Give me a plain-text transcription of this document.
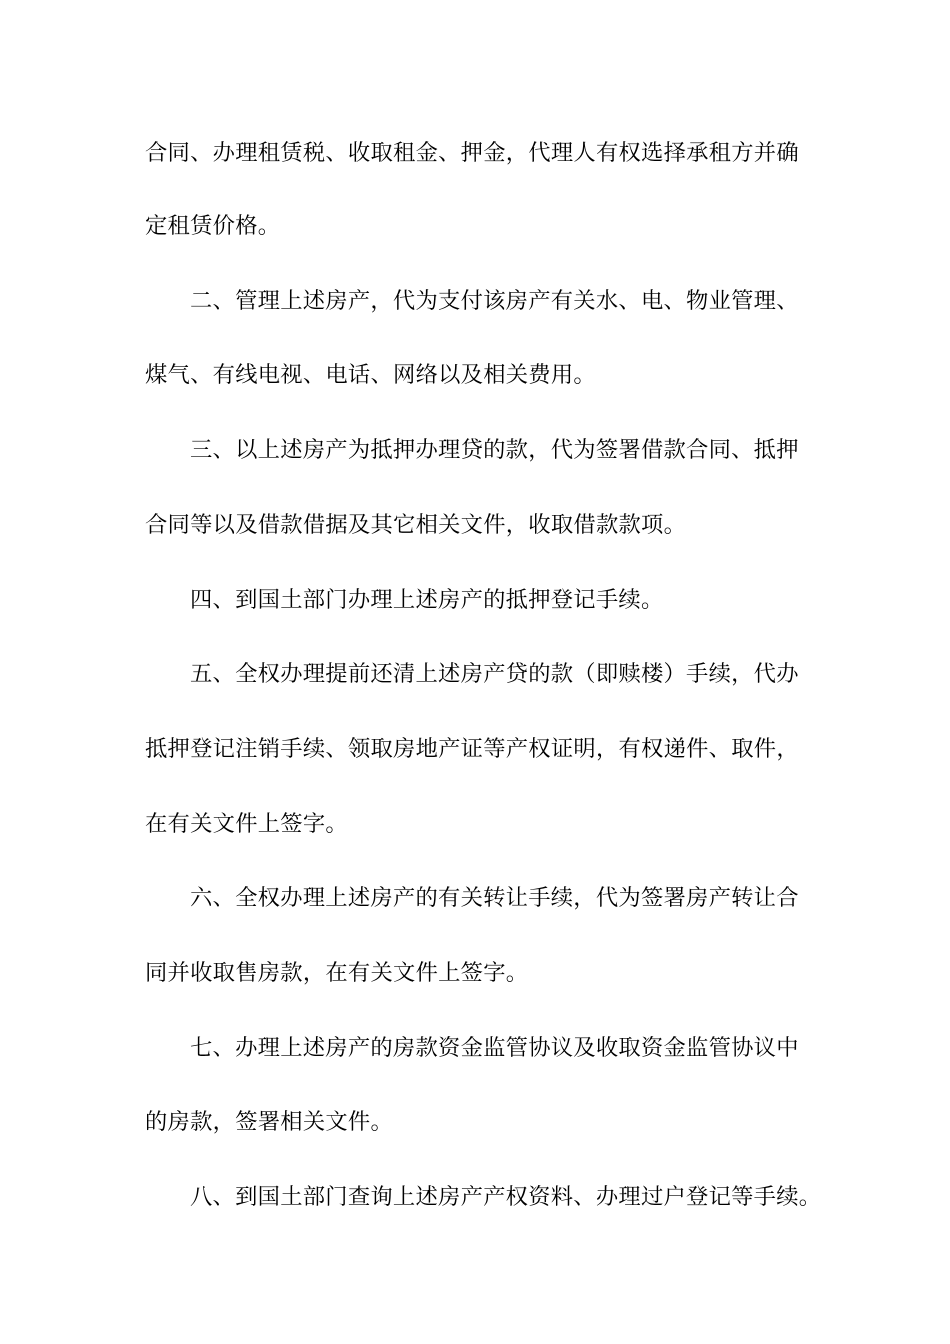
合同、办理租赁税、收取租金、押金，代理人有权选择承租方并确
定租赁价格。
二、管理上述房产，代为支付该房产有关水、电、物业管理、
煤气、有线电视、电话、网络以及相关费用。
三、以上述房产为抵押办理贷的款，代为签署借款合同、抵押
合同等以及借款借据及其它相关文件，收取借款款项。
四、到国土部门办理上述房产的抵押登记手续。
五、全权办理提前还清上述房产贷的款（即赎楼）手续，代办
抵押登记注销手续、领取房地产证等产权证明，有权递件、取件，
在有关文件上签字。
六、全权办理上述房产的有关转让手续，代为签署房产转让合
同并收取售房款，在有关文件上签字。
七、办理上述房产的房款资金监管协议及收取资金监管协议中
的房款，签署相关文件。
八、到国土部门查询上述房产产权资料、办理过户登记等手续。
